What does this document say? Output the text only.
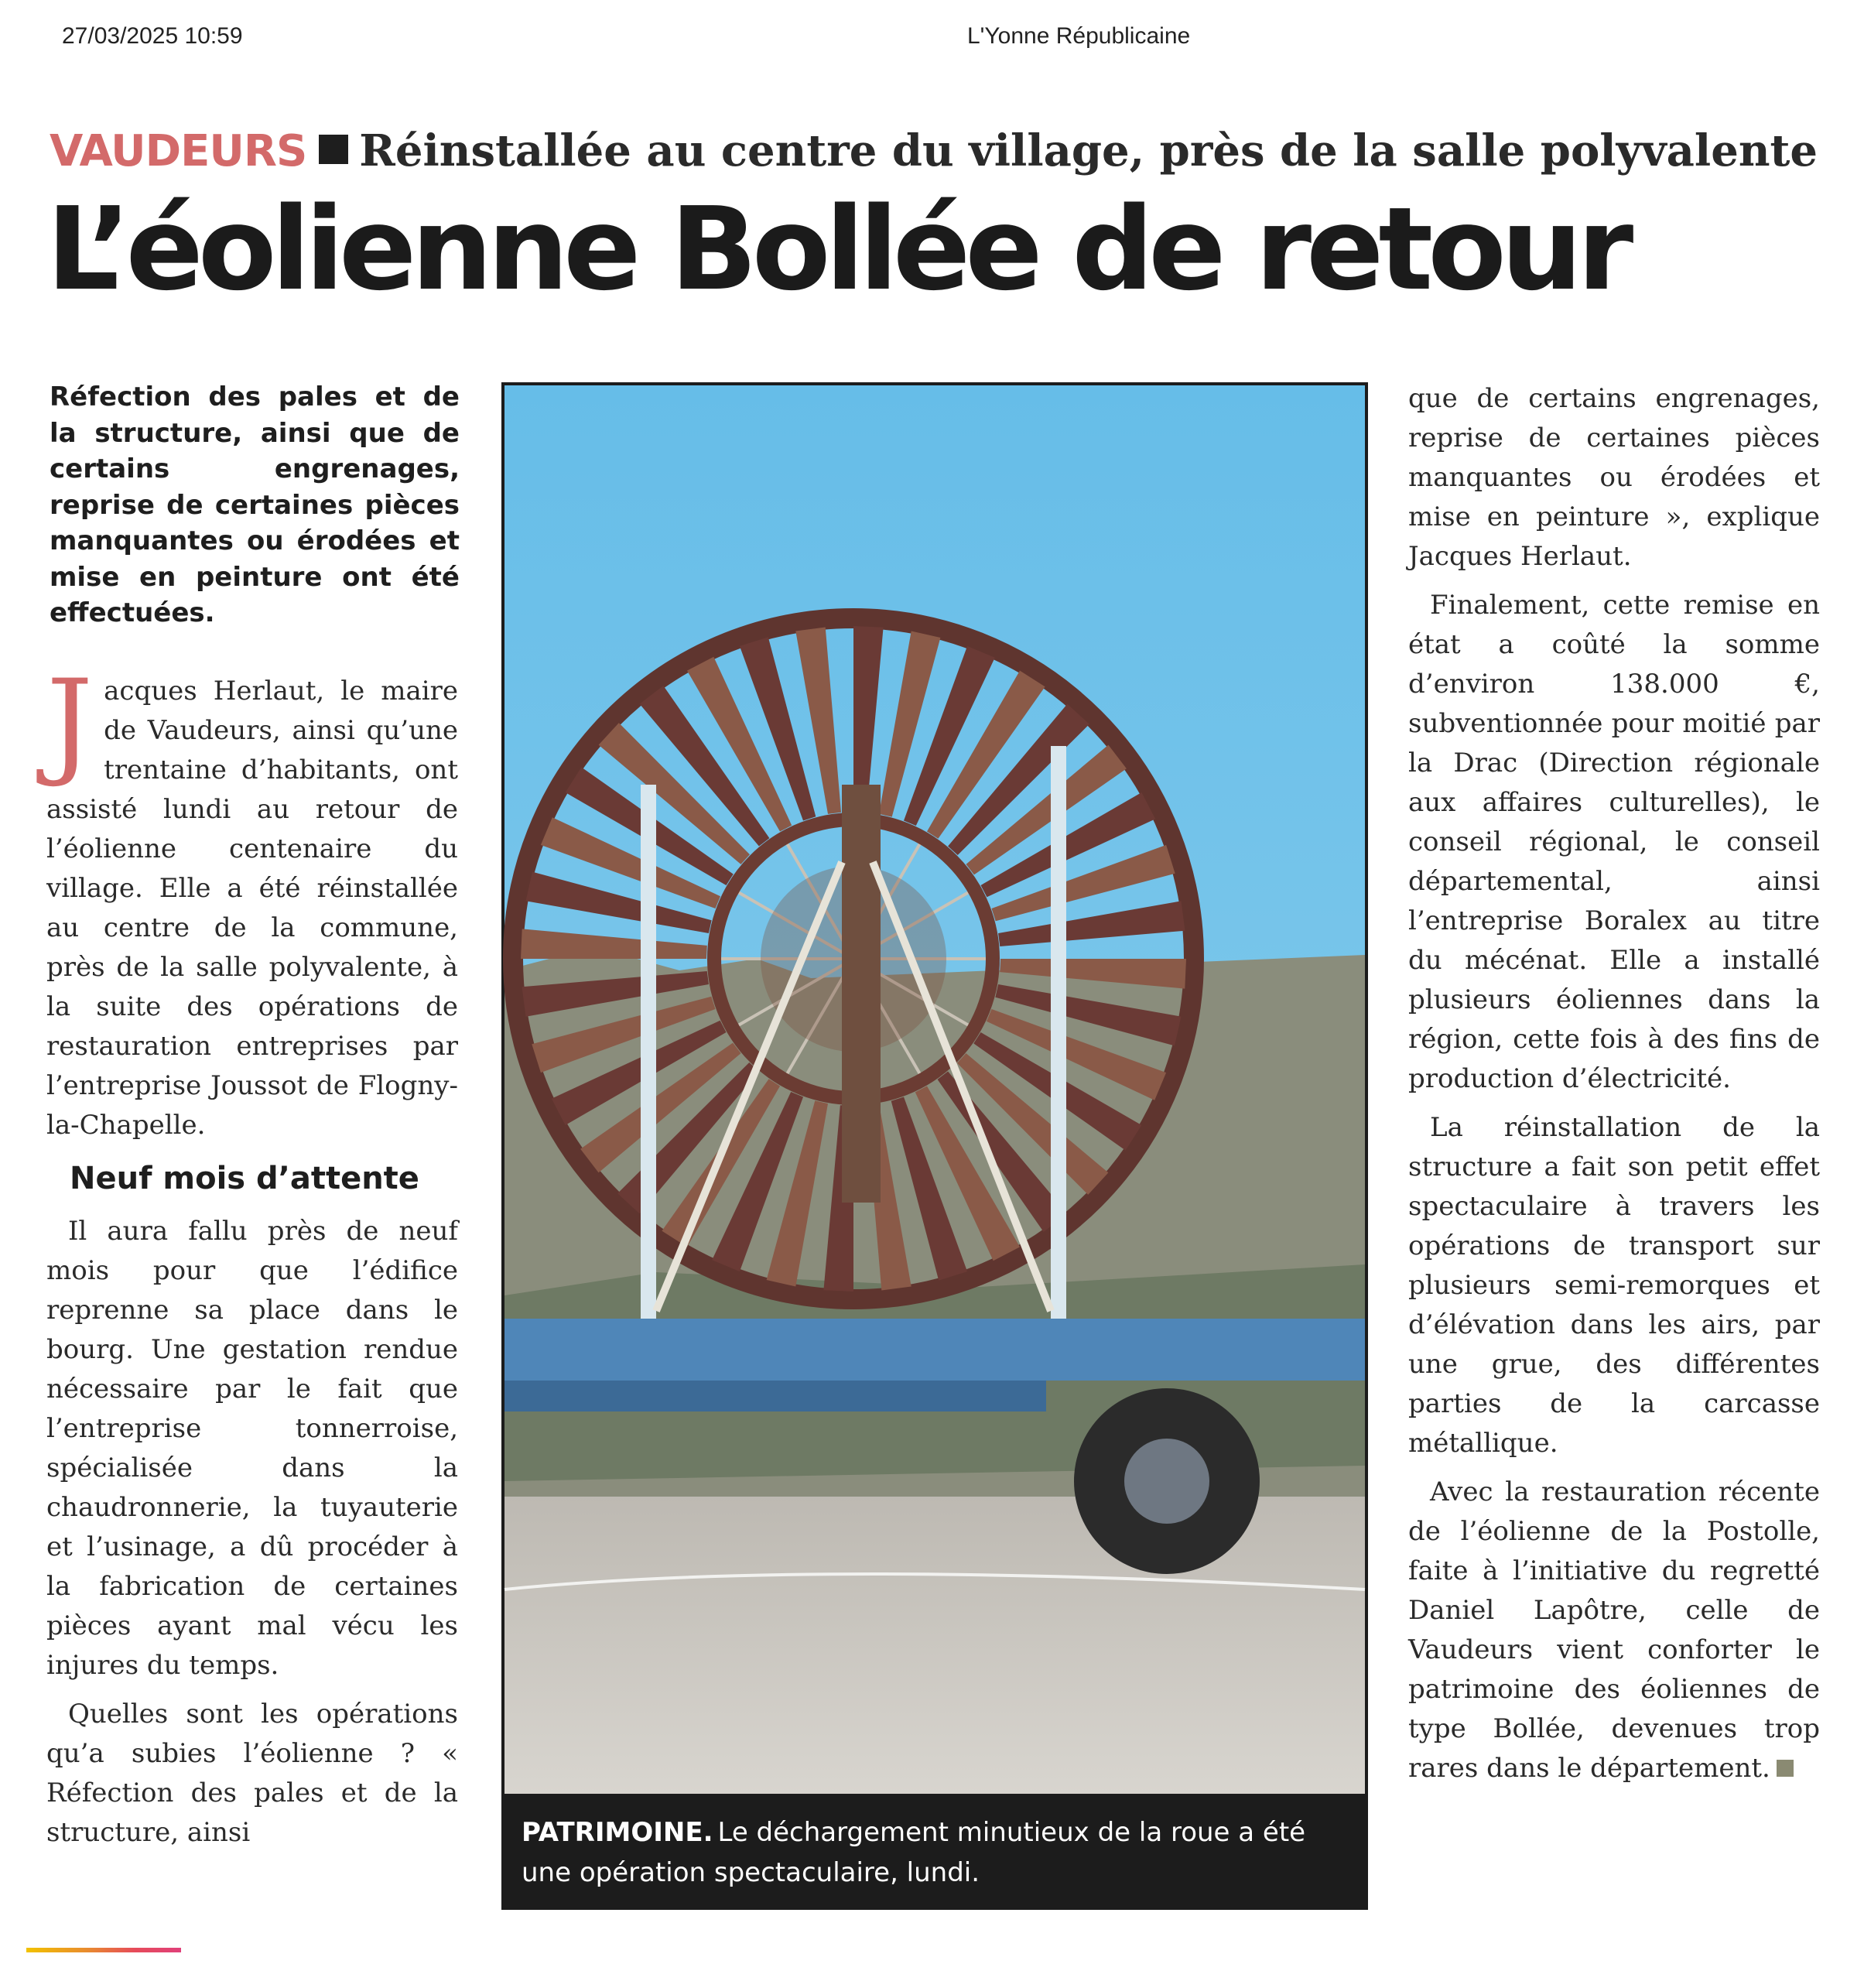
27/03/2025 10:59	L'Yonne Républicaine
VAUDEURS Réinstallée au centre du village, près de la salle polyvalente
L’éolienne Bollée de retour

Réfection des pales et de la structure, ainsi que de certains engrenages, reprise de certaines pièces manquantes ou érodées et mise en peinture ont été effectuées.

Jacques Herlaut, le maire de Vaudeurs, ainsi qu’une trentaine d’habitants, ont assisté lundi au retour de l’éolienne centenaire du village. Elle a été réinstallée au centre de la commune, près de la salle polyvalente, à la suite des opérations de restauration entreprises par l’entreprise Joussot de Flogny-la-Chapelle.

Neuf mois d’attente

Il aura fallu près de neuf mois pour que l’édifice reprenne sa place dans le bourg. Une gestation rendue nécessaire par le fait que l’entreprise tonnerroise, spécialisée dans la chaudronnerie, la tuyauterie et l’usinage, a dû procéder à la fabrication de certaines pièces ayant mal vécu les injures du temps.

Quelles sont les opérations qu’a subies l’éolienne ? « Réfection des pales et de la structure, ainsi	PATRIMOINE. Le déchargement minutieux de la roue a été une opération spectaculaire, lundi.

que de certains engrenages, reprise de certaines pièces manquantes ou érodées et mise en peinture », explique Jacques Herlaut.

Finalement, cette remise en état a coûté la somme d’environ 138.000 €, subventionnée pour moitié par la Drac (Direction régionale aux affaires culturelles), le conseil régional, le conseil départemental, ainsi l’entreprise Boralex au titre du mécénat. Elle a installé plusieurs éoliennes dans la région, cette fois à des fins de production d’électricité.

La réinstallation de la structure a fait son petit effet spectaculaire à travers les opérations de transport sur plusieurs semi-remorques et d’élévation dans les airs, par une grue, des différentes parties de la carcasse métallique.

Avec la restauration récente de l’éolienne de la Postolle, faite à l’initiative du regretté Daniel Lapôtre, celle de Vaudeurs vient conforter le patrimoine des éoliennes de type Bollée, devenues trop rares dans le département.
